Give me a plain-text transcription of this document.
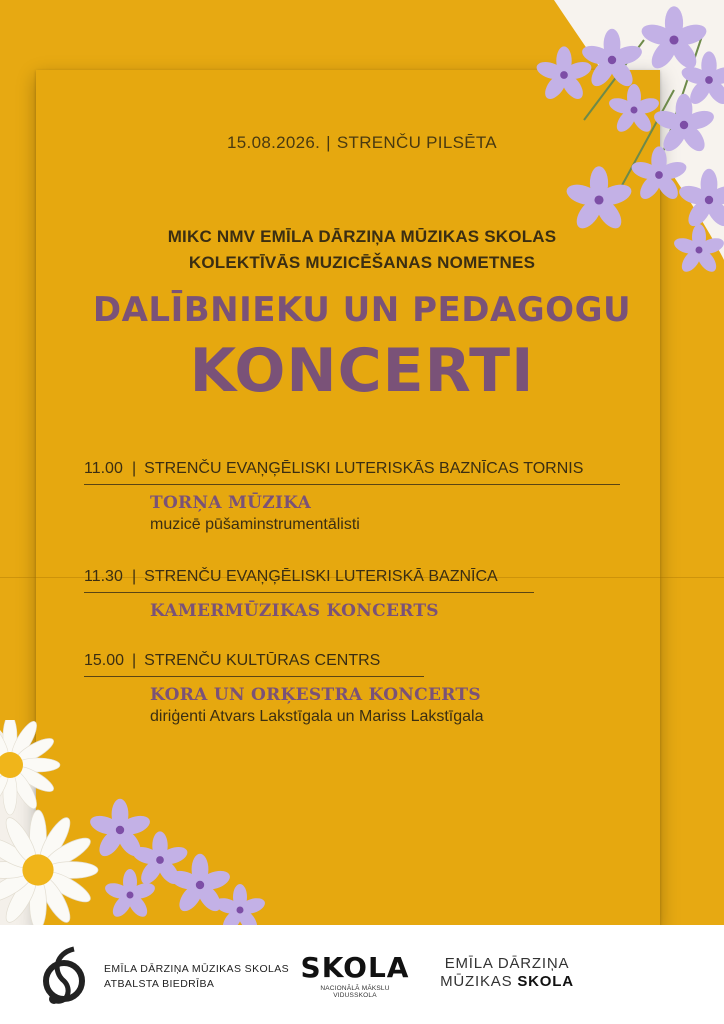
15.08.2026. | STRENČU PILSĒTA
MIKC NMV EMĪLA DĀRZIŅA MŪZIKAS SKOLAS
KOLEKTĪVĀS MUZICĒŠANAS NOMETNES
DALĪBNIEKU UN PEDAGOGU
KONCERTI
11.00 | STRENČU EVAŅĢĒLISKI LUTERISKĀS BAZNĪCAS TORNIS
TORŅA MŪZIKA
muzicē pūšaminstrumentālisti
11.30 | STRENČU EVAŅĢĒLISKI LUTERISKĀ BAZNĪCA
KAMERMŪZIKAS KONCERTS
15.00 | STRENČU KULTŪRAS CENTRS
KORA UN ORĶESTRA KONCERTS
diriģenti Atvars Lakstīgala un Mariss Lakstīgala
EMĪLA DĀRZIŅA MŪZIKAS SKOLAS
ATBALSTA BIEDRĪBA	SKOLA
NACIONĀLĀ MĀKSLU VIDUSSKOLA
EMĪLA DĀRZIŅA
MŪZIKAS SKOLA
